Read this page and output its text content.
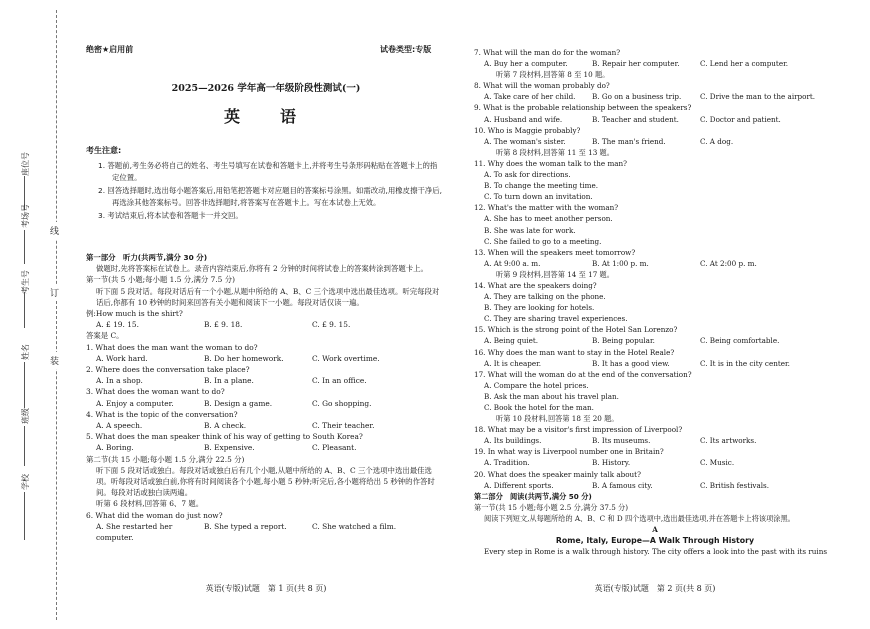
座位号
考场号
考生号
姓名
班级
学校
线
订
装
绝密★启用前	试卷类型:专版
2025—2026 学年高一年级阶段性测试(一)
英　语
考生注意:

1. 答题前,考生务必将自己的姓名、考生号填写在试卷和答题卡上,并将考生号条形码粘贴在答题卡上的指定位置。

2. 回答选择题时,选出每小题答案后,用铅笔把答题卡对应题目的答案标号涂黑。如需改动,用橡皮擦干净后,再选涂其他答案标号。回答非选择题时,将答案写在答题卡上。写在本试卷上无效。

3. 考试结束后,将本试卷和答题卡一并交回。

第一部分　听力(共两节,满分 30 分)

做题时,先将答案标在试卷上。录音内容结束后,你将有 2 分钟的时间将试卷上的答案转涂到答题卡上。

第一节(共 5 小题;每小题 1.5 分,满分 7.5 分)

听下面 5 段对话。每段对话后有一个小题,从题中所给的 A、B、C 三个选项中选出最佳选项。听完每段对话后,你都有 10 秒钟的时间来回答有关小题和阅读下一小题。每段对话仅读一遍。

例:How much is the shirt?

A. £ 19. 15.	B. £ 9. 18.	C. £ 9. 15.

答案是 C。

1. What does the man want the woman to do?

A. Work hard.	B. Do her homework.	C. Work overtime.

2. Where does the conversation take place?

A. In a shop.	B. In a plane.	C. In an office.

3. What does the woman want to do?

A. Enjoy a computer.	B. Design a game.	C. Go shopping.

4. What is the topic of the conversation?

A. A speech.	B. A check.	C. Their teacher.

5. What does the man speaker think of his way of getting to South Korea?

A. Boring.	B. Expensive.	C. Pleasant.

第二节(共 15 小题;每小题 1.5 分,满分 22.5 分)

听下面 5 段对话或独白。每段对话或独白后有几个小题,从题中所给的 A、B、C 三个选项中选出最佳选项。听每段对话或独白前,你将有时间阅读各个小题,每小题 5 秒钟;听完后,各小题将给出 5 秒钟的作答时间。每段对话或独白读两遍。

听第 6 段材料,回答第 6、7 题。

6. What did the woman do just now?

A. She restarted her computer.
B. She typed a report.	C. She watched a film.
英语(专版)试题　第 1 页(共 8 页)

7. What will the man do for the woman?

A. Buy her a computer.	B. Repair her computer.	C. Lend her a computer.

听第 7 段材料,回答第 8 至 10 题。

8. What will the woman probably do?

A. Take care of her child.	B. Go on a business trip.	C. Drive the man to the airport.

9. What is the probable relationship between the speakers?

A. Husband and wife.	B. Teacher and student.	C. Doctor and patient.

10. Who is Maggie probably?

A. The woman's sister.	B. The man's friend.	C. A dog.

听第 8 段材料,回答第 11 至 13 题。

11. Why does the woman talk to the man?

A. To ask for directions.

B. To change the meeting time.

C. To turn down an invitation.

12. What's the matter with the woman?

A. She has to meet another person.

B. She was late for work.

C. She failed to go to a meeting.

13. When will the speakers meet tomorrow?

A. At 9:00 a. m.	B. At 1:00 p. m.	C. At 2:00 p. m.

听第 9 段材料,回答第 14 至 17 题。

14. What are the speakers doing?

A. They are talking on the phone.

B. They are looking for hotels.

C. They are sharing travel experiences.

15. Which is the strong point of the Hotel San Lorenzo?

A. Being quiet.	B. Being popular.	C. Being comfortable.

16. Why does the man want to stay in the Hotel Reale?

A. It is cheaper.	B. It has a good view.	C. It is in the city center.

17. What will the woman do at the end of the conversation?

A. Compare the hotel prices.

B. Ask the man about his travel plan.

C. Book the hotel for the man.

听第 10 段材料,回答第 18 至 20 题。

18. What may be a visitor's first impression of Liverpool?

A. Its buildings.	B. Its museums.	C. Its artworks.

19. In what way is Liverpool number one in Britain?

A. Tradition.	B. History.	C. Music.

20. What does the speaker mainly talk about?

A. Different sports.	B. A famous city.	C. British festivals.

第二部分　阅读(共两节,满分 50 分)

第一节(共 15 小题;每小题 2.5 分,满分 37.5 分)

阅读下列短文,从每题所给的 A、B、C 和 D 四个选项中,选出最佳选项,并在答题卡上将该项涂黑。

A

Rome, Italy, Europe—A Walk Through History

Every step in Rome is a walk through history. The city offers a look into the past with its ruins

英语(专版)试题　第 2 页(共 8 页)
